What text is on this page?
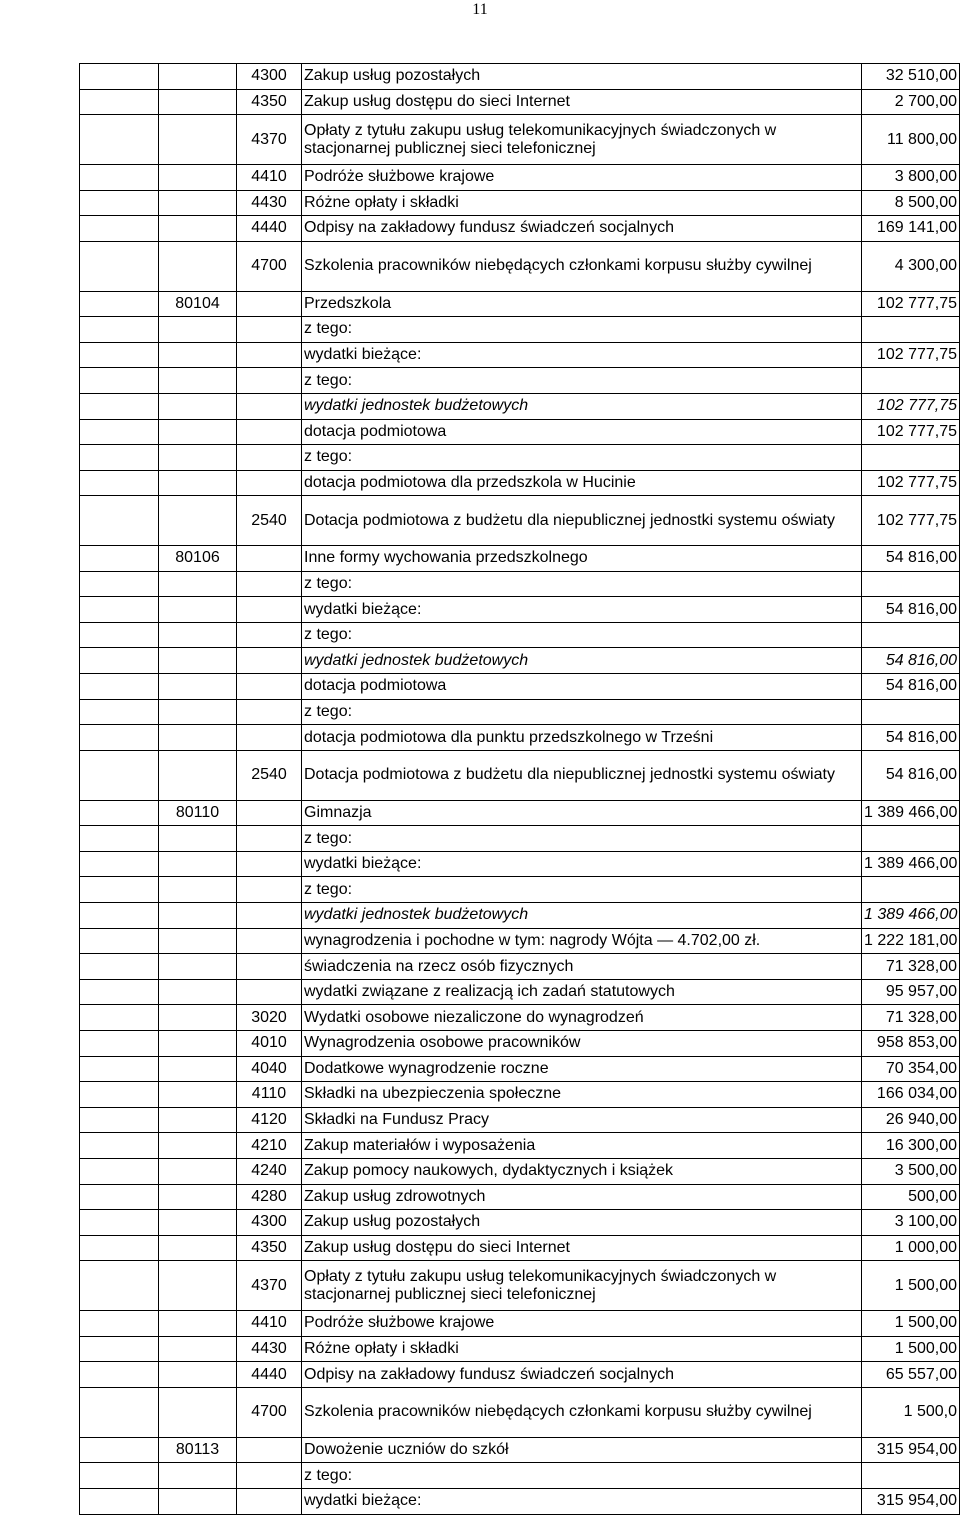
11
		4300	Zakup usług pozostałych	32 510,00
		4350	Zakup usług dostępu do sieci Internet	2 700,00
		4370	Opłaty z tytułu zakupu usług telekomunikacyjnych świadczonych w stacjonarnej publicznej sieci telefonicznej	11 800,00
		4410	Podróże służbowe krajowe	3 800,00
		4430	Różne opłaty i składki	8 500,00
		4440	Odpisy na zakładowy fundusz świadczeń socjalnych	169 141,00
		4700	Szkolenia pracowników niebędących członkami korpusu służby cywilnej	4 300,00
	80104		Przedszkola	102 777,75
			z tego:	
			wydatki bieżące:	102 777,75
			z tego:	
			wydatki jednostek budżetowych	102 777,75
			dotacja podmiotowa	102 777,75
			z tego:	
			dotacja podmiotowa dla przedszkola w Hucinie	102 777,75
		2540	Dotacja podmiotowa z budżetu dla niepublicznej jednostki systemu oświaty	102 777,75
	80106		Inne formy wychowania przedszkolnego	54 816,00
			z tego:	
			wydatki bieżące:	54 816,00
			z tego:	
			wydatki jednostek budżetowych	54 816,00
			dotacja podmiotowa	54 816,00
			z tego:	
			dotacja podmiotowa dla punktu przedszkolnego w Trześni	54 816,00
		2540	Dotacja podmiotowa z budżetu dla niepublicznej jednostki systemu oświaty	54 816,00
	80110		Gimnazja	1 389 466,00
			z tego:	
			wydatki bieżące:	1 389 466,00
			z tego:	
			wydatki jednostek budżetowych	1 389 466,00
			wynagrodzenia i pochodne w tym: nagrody Wójta — 4.702,00 zł.	1 222 181,00
			świadczenia na rzecz osób fizycznych	71 328,00
			wydatki związane z realizacją ich zadań statutowych	95 957,00
		3020	Wydatki osobowe niezaliczone do wynagrodzeń	71 328,00
		4010	Wynagrodzenia osobowe pracowników	958 853,00
		4040	Dodatkowe wynagrodzenie roczne	70 354,00
		4110	Składki na ubezpieczenia społeczne	166 034,00
		4120	Składki na Fundusz Pracy	26 940,00
		4210	Zakup materiałów i wyposażenia	16 300,00
		4240	Zakup pomocy naukowych, dydaktycznych i książek	3 500,00
		4280	Zakup usług zdrowotnych	500,00
		4300	Zakup usług pozostałych	3 100,00
		4350	Zakup usług dostępu do sieci Internet	1 000,00
		4370	Opłaty z tytułu zakupu usług telekomunikacyjnych świadczonych w stacjonarnej publicznej sieci telefonicznej	1 500,00
		4410	Podróże służbowe krajowe	1 500,00
		4430	Różne opłaty i składki	1 500,00
		4440	Odpisy na zakładowy fundusz świadczeń socjalnych	65 557,00
		4700	Szkolenia pracowników niebędących członkami korpusu służby cywilnej	1 500,0
	80113		Dowożenie uczniów do szkół	315 954,00
			z tego:	
			wydatki bieżące:	315 954,00
